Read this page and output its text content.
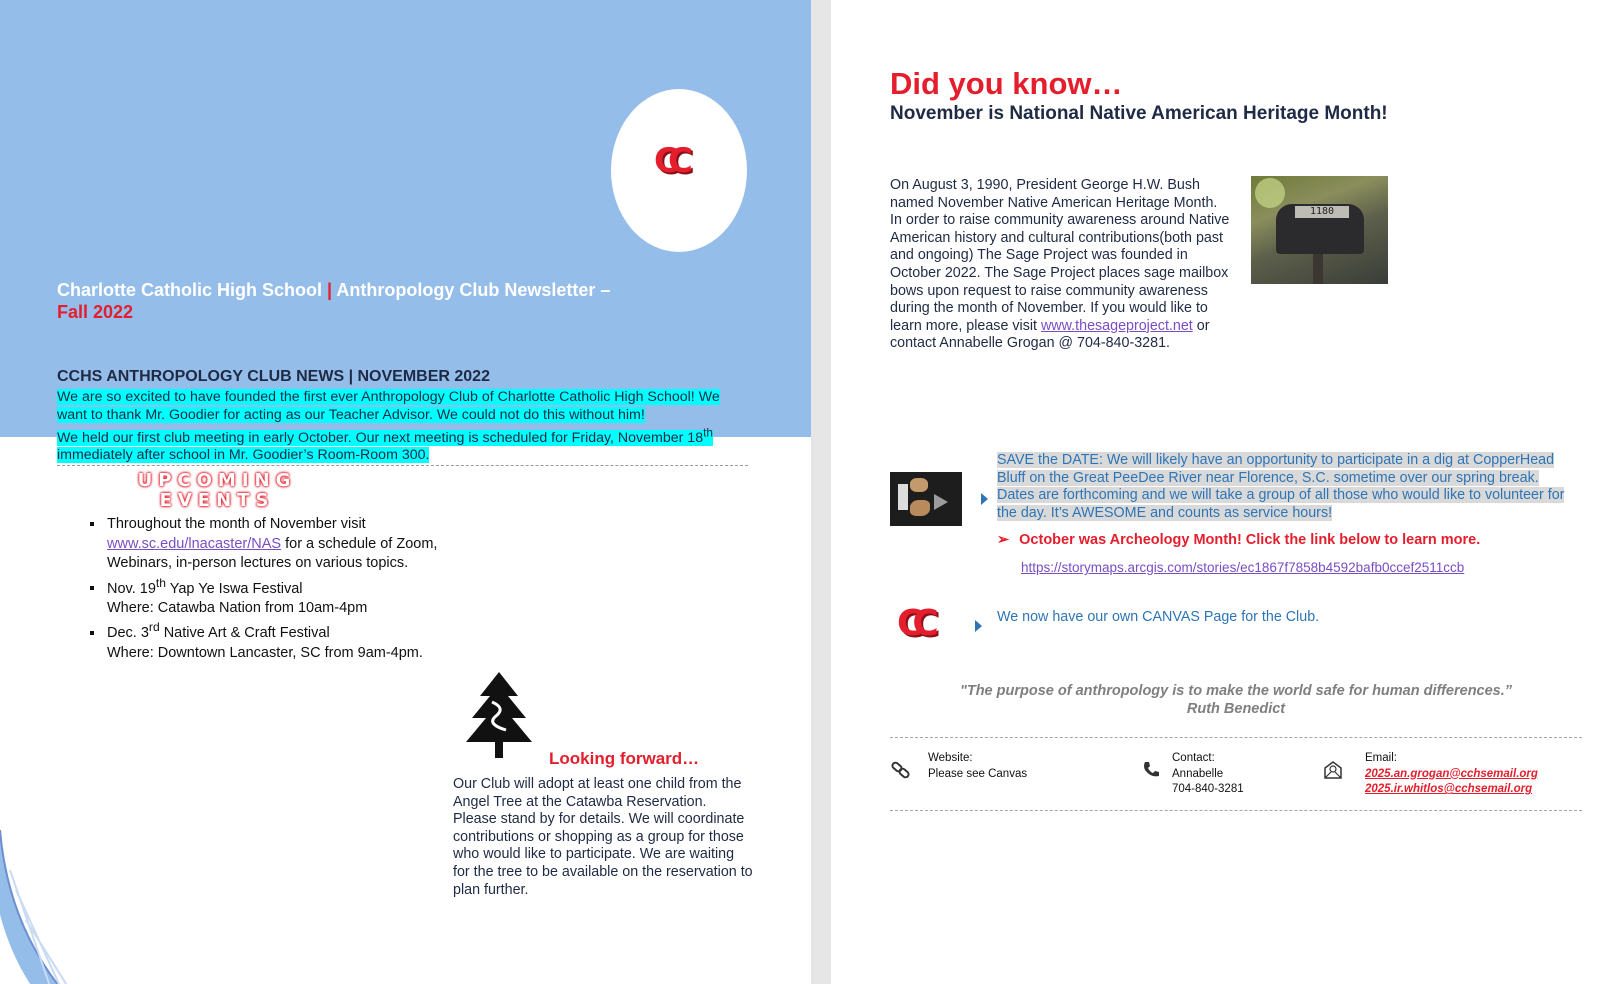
CC
Charlotte Catholic High School | Anthropology Club Newsletter –
Fall 2022
CCHS ANTHROPOLOGY CLUB NEWS | NOVEMBER 2022
We are so excited to have founded the first ever Anthropology Club of Charlotte Catholic High School! We want to thank Mr. Goodier for acting as our Teacher Advisor. We could not do this without him!
We held our first club meeting in early October. Our next meeting is scheduled for Friday, November 18th immediately after school in Mr. Goodier’s Room-Room 300.
UPCOMING
EVENTS
▪ Throughout the month of November visit www.sc.edu/lnacaster/NAS for a schedule of Zoom, Webinars, in-person lectures on various topics.
▪ Nov. 19th Yap Ye Iswa Festival
Where: Catawba Nation from 10am-4pm
▪ Dec. 3rd Native Art & Craft Festival
Where: Downtown Lancaster, SC from 9am-4pm.
Looking forward…
Our Club will adopt at least one child from the Angel Tree at the Catawba Reservation. Please stand by for details. We will coordinate contributions or shopping as a group for those who would like to participate. We are waiting for the tree to be available on the reservation to plan further.
Did you know…
November is National Native American Heritage Month!
On August 3, 1990, President George H.W. Bush named November Native American Heritage Month. In order to raise community awareness around Native American history and cultural contributions(both past and ongoing) The Sage Project was founded in October 2022. The Sage Project places sage mailbox bows upon request to raise community awareness during the month of November. If you would like to learn more, please visit www.thesageproject.net or contact Annabelle Grogan @ 704-840-3281.
1180
SAVE the DATE: We will likely have an opportunity to participate in a dig at CopperHead Bluff on the Great PeeDee River near Florence, S.C. sometime over our spring break. Dates are forthcoming and we will take a group of all those who would like to volunteer for the day. It’s AWESOME and counts as service hours!
➢ October was Archeology Month! Click the link below to learn more.
https://storymaps.arcgis.com/stories/ec1867f7858b4592bafb0ccef2511ccb
CC	We now have our own CANVAS Page for the Club.
"The purpose of anthropology is to make the world safe for human differences.”
Ruth Benedict
Website:
Please see Canvas
Contact:
Annabelle
704-840-3281
Email:
2025.an.grogan@cchsemail.org
2025.ir.whitlos@cchsemail.org
